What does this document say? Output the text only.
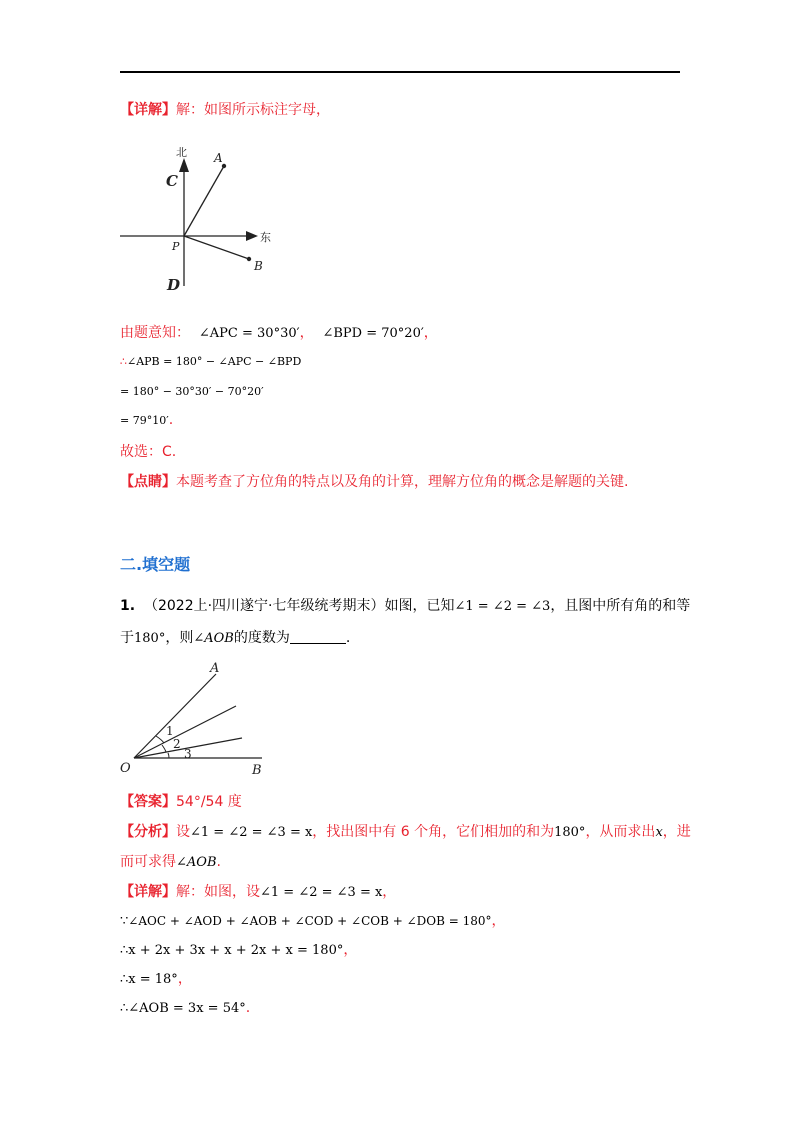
【详解】解：如图所示标注字母，
北
东
A
B
C
D
P
由题意知： ∠APC = 30°30′， ∠BPD = 70°20′，
∴∠APB = 180° − ∠APC − ∠BPD
= 180° − 30°30′ − 70°20′
= 79°10′.
故选：C.
【点睛】本题考查了方位角的特点以及角的计算，理解方位角的概念是解题的关键.
二.填空题
1. （2022上·四川遂宁·七年级统考期末）如图，已知∠1 = ∠2 = ∠3，且图中所有角的和等
于180°，则∠AOB的度数为	.
A
O	B
1
2
3
【答案】54°/54 度
【分析】设∠1 = ∠2 = ∠3 = x，找出图中有 6 个角，它们相加的和为180°，从而求出x，进
而可求得∠AOB.
【详解】解：如图，设∠1 = ∠2 = ∠3 = x，
∵∠AOC + ∠AOD + ∠AOB + ∠COD + ∠COB + ∠DOB = 180°，
∴x + 2x + 3x + x + 2x + x = 180°，
∴x = 18°，
∴∠AOB = 3x = 54°.
